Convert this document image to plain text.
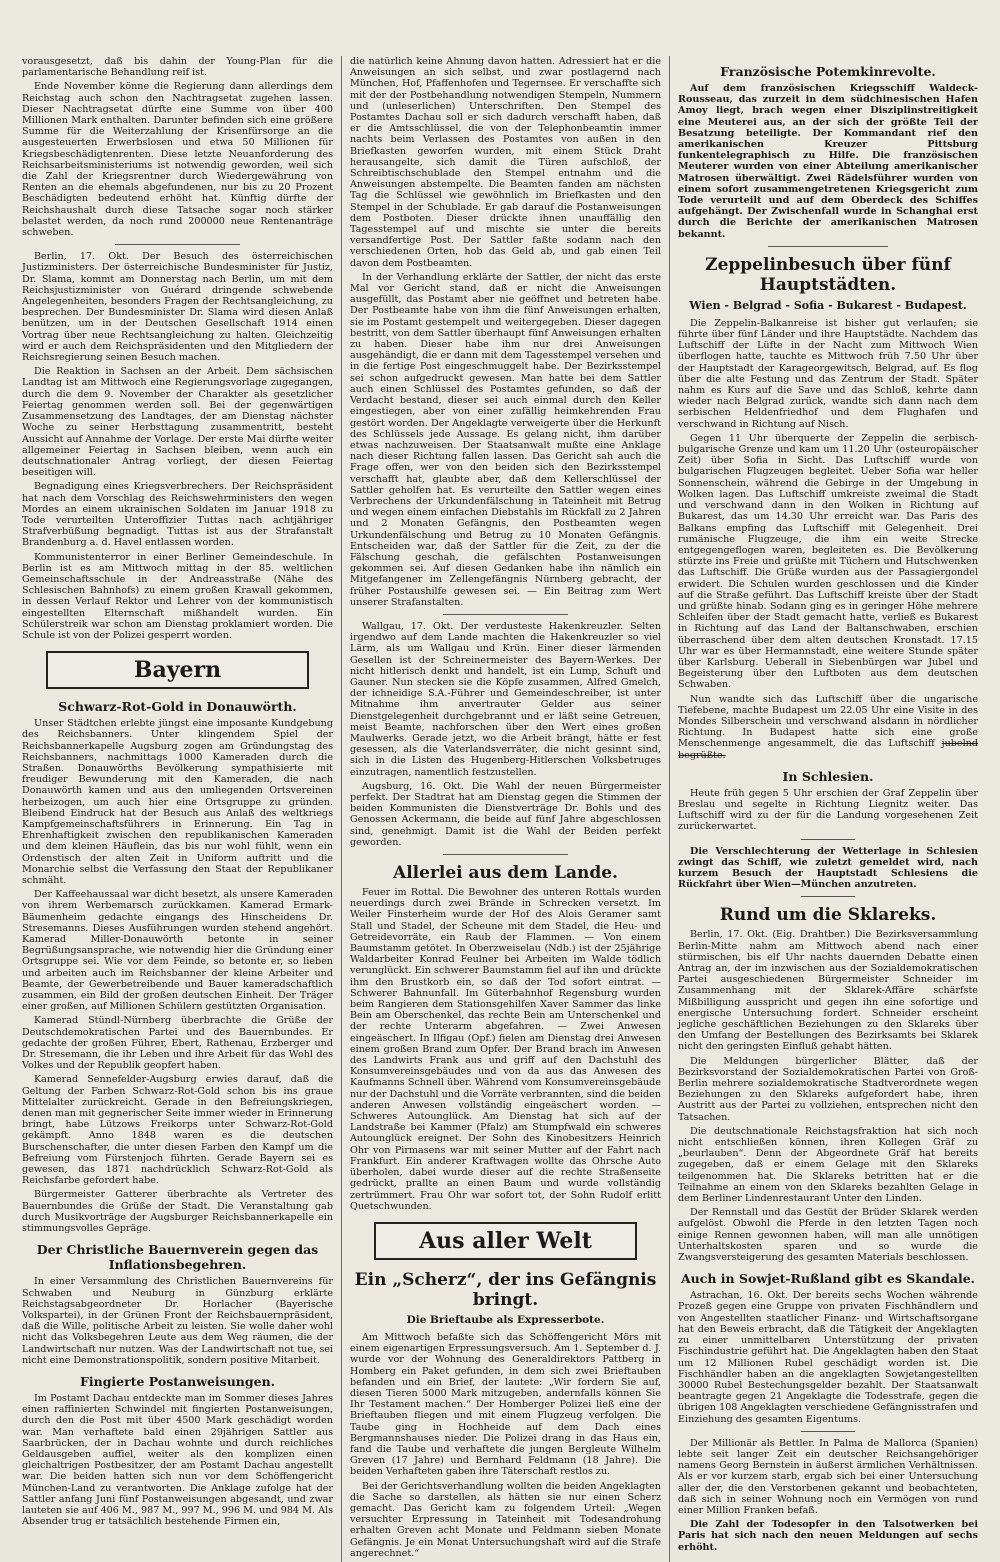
vorausgesetzt, daß bis dahin der Young-Plan für die parlamentarische Behandlung reif ist.

Ende November könne die Regierung dann allerdings dem Reichstag auch schon den Nachtragsetat zugehen lassen. Dieser Nachtragsetat dürfte eine Summe von über 400 Millionen Mark enthalten. Darunter befinden sich eine größere Summe für die Weiterzahlung der Krisenfürsorge an die ausgesteuerten Erwerbslosen und etwa 50 Millionen für Kriegsbeschädigtenrenten. Diese letzte Neuanforderung des Reichsarbeitsministeriums ist notwendig geworden, weil sich die Zahl der Kriegsrentner durch Wiedergewährung von Renten an die ehemals abgefundenen, nur bis zu 20 Prozent Beschädigten bedeutend erhöht hat. Künftig dürfte der Reichshaushalt durch diese Tatsache sogar noch stärker belastet werden, da noch rund 200000 neue Rentenanträge schweben.

Berlin, 17. Okt. Der Besuch des österreichischen Justizministers. Der österreichische Bundesminister für Justiz, Dr. Slama, kommt am Donnerstag nach Berlin, um mit dem Reichsjustizminister von Guérard dringende schwebende Angelegenheiten, besonders Fragen der Rechtsangleichung, zu besprechen. Der Bundesminister Dr. Slama wird diesen Anlaß benützen, um in der Deutschen Gesellschaft 1914 einen Vortrag über neue Rechtsangleichung zu halten. Gleichzeitig wird er auch dem Reichspräsidenten und den Mitgliedern der Reichsregierung seinen Besuch machen.

Die Reaktion in Sachsen an der Arbeit. Dem sächsischen Landtag ist am Mittwoch eine Regierungsvorlage zugegangen, durch die dem 9. November der Charakter als gesetzlicher Feiertag genommen werden soll. Bei der gegenwärtigen Zusammensetzung des Landtages, der am Dienstag nächster Woche zu seiner Herbsttagung zusammentritt, besteht Aussicht auf Annahme der Vorlage. Der erste Mai dürfte weiter allgemeiner Feiertag in Sachsen bleiben, wenn auch ein deutschnationaler Antrag vorliegt, der diesen Feiertag beseitigen will.

Begnadigung eines Kriegsverbrechers. Der Reichspräsident hat nach dem Vorschlag des Reichswehrministers den wegen Mordes an einem ukrainischen Soldaten im Januar 1918 zu Tode verurteilten Unteroffizier Tuttas nach achtjähriger Strafverbüßung begnadigt. Tuttas ist aus der Strafanstalt Brandenburg a. d. Havel entlassen worden.

Kommunistenterror in einer Berliner Gemeindeschule. In Berlin ist es am Mittwoch mittag in der 85. weltlichen Gemeinschaftsschule in der Andreasstraße (Nähe des Schlesischen Bahnhofs) zu einem großen Krawall gekommen, in dessen Verlauf Rektor und Lehrer von der kommunistisch eingestellten Elternschaft mißhandelt wurden. Ein Schülerstreik war schon am Dienstag proklamiert worden. Die Schule ist von der Polizei gesperrt worden.

Bayern
Schwarz-Rot-Gold in Donauwörth.

Unser Städtchen erlebte jüngst eine imposante Kundgebung des Reichsbanners. Unter klingendem Spiel der Reichsbannerkapelle Augsburg zogen am Gründungstag des Reichsbanners, nachmittags 1000 Kameraden durch die Straßen. Donauwörths Bevölkerung sympathisierte mit freudiger Bewunderung mit den Kameraden, die nach Donauwörth kamen und aus den umliegenden Ortsvereinen herbeizogen, um auch hier eine Ortsgruppe zu gründen. Bleibend Eindruck hat der Besuch aus Anlaß des weltkriegs Kampfgemeinschaftsführers in Erinnerung. Ein Tag in Ehrenhaftigkeit zwischen den republikanischen Kameraden und dem kleinen Häuflein, das bis nur wohl fühlt, wenn ein Ordenstisch der alten Zeit in Uniform auftritt und die Monarchie selbst die Verfassung den Staat der Republikaner schmäht.

Der Kaffeehaussaal war dicht besetzt, als unsere Kameraden von ihrem Werbemarsch zurückkamen. Kamerad Ermark-Bäumenheim gedachte eingangs des Hinscheidens Dr. Stresemanns. Dieses Ausführungen wurden stehend angehört. Kamerad Miller-Donauwörth betonte in seiner Begrüßungsansprache, wie notwendig hier die Gründung einer Ortsgruppe sei. Wie vor dem Feinde, so betonte er, so lieben und arbeiten auch im Reichsbanner der kleine Arbeiter und Beamte, der Gewerbetreibende und Bauer kameradschaftlich zusammen, ein Bild der großen deutschen Einheit. Der Träger einer großen, auf Millionen Schülern gestützten Organisation.

Kamerad Stündl-Nürnberg überbrachte die Grüße der Deutschdemokratischen Partei und des Bauernbundes. Er gedachte der großen Führer, Ebert, Rathenau, Erzberger und Dr. Stresemann, die ihr Leben und ihre Arbeit für das Wohl des Volkes und der Republik geopfert haben.

Kamerad Sennefelder-Augsburg erwies darauf, daß die Geltung der Farben Schwarz-Rot-Gold schon bis ins graue Mittelalter zurückreicht. Gerade in den Befreiungskriegen, denen man mit gegnerischer Seite immer wieder in Erinnerung bringt, habe Lützows Freikorps unter Schwarz-Rot-Gold gekämpft. Anno 1848 waren es die deutschen Burschenschafter, die unter diesen Farben den Kampf um die Befreiung vom Fürstenjoch führten. Gerade Bayern sei es gewesen, das 1871 nachdrücklich Schwarz-Rot-Gold als Reichsfarbe gefordert habe.

Bürgermeister Gatterer überbrachte als Vertreter des Bauernbundes die Grüße der Stadt. Die Veranstaltung gab durch Musikvorträge der Augsburger Reichsbannerkapelle ein stimmungsvolles Gepräge.

Der Christliche Bauernverein gegen das Inflationsbegehren.

In einer Versammlung des Christlichen Bauernvereins für Schwaben und Neuburg in Günzburg erklärte Reichstagsabgeordneter Dr. Horlacher (Bayerische Volkspartei), in der Grünen Front der Reichsbauernpräsident, daß die Wille, politische Arbeit zu leisten. Sie wolle daher wohl nicht das Volksbegehren Leute aus dem Weg räumen, die der Landwirtschaft nur nutzen. Was der Landwirtschaft not tue, sei nicht eine Demonstrationspolitik, sondern positive Mitarbeit.

Fingierte Postanweisungen.

Im Postamt Dachau entdeckte man im Sommer dieses Jahres einen raffinierten Schwindel mit fingierten Postanweisungen, durch den die Post mit über 4500 Mark geschädigt worden war. Man verhaftete bald einen 29jährigen Sattler aus Saarbrücken, der in Dachau wohnte und durch reichliches Geldausgeben auffiel, weiter als den komplizen einen gleichaltrigen Postbesitzer, der am Postamt Dachau angestellt war. Die beiden hatten sich nun vor dem Schöffengericht München-Land zu verantworten. Die Anklage zufolge hat der Sattler anfang Juni fünf Postanweisungen abgesandt, und zwar lauteten sie auf 406 M., 987 M., 997 M., 996 M. und 984 M. Als Absender trug er tatsächlich bestehende Firmen ein,

die natürlich keine Ahnung davon hatten. Adressiert hat er die Anweisungen an sich selbst, und zwar postlagernd nach München, Hof, Pfaffenhofen und Tegernsee. Er verschaffte sich mit der der Postbehandlung notwendigen Stempeln, Nummern und (unleserlichen) Unterschriften. Den Stempel des Postamtes Dachau soll er sich dadurch verschafft haben, daß er die Amtsschlüssel, die von der Telephonbeamtin immer nachts beim Verlassen des Postamtes von außen in den Briefkasten geworfen wurden, mit einem Stück Draht herausangelte, sich damit die Türen aufschloß, der Schreibtischschublade den Stempel entnahm und die Anweisungen abstempelte. Die Beamten fanden am nächsten Tag die Schlüssel wie gewöhnlich im Briefkasten und den Stempel in der Schublade. Er gab darauf die Postanweisungen dem Postboten. Dieser drückte ihnen unauffällig den Tagesstempel auf und mischte sie unter die bereits versandfertige Post. Der Sattler faßte sodann nach den verschiedenen Orten, hob das Geld ab, und gab einen Teil davon dem Postbeamten.

In der Verhandlung erklärte der Sattler, der nicht das erste Mal vor Gericht stand, daß er nicht die Anweisungen ausgefüllt, das Postamt aber nie geöffnet und betreten habe. Der Postbeamte habe von ihm die fünf Anweisungen erhalten, sie im Postamt gestempelt und weitergegeben. Dieser dagegen bestritt, von dem Sattler überhaupt fünf Anweisungen erhalten zu haben. Dieser habe ihm nur drei Anweisungen ausgehändigt, die er dann mit dem Tagesstempel versehen und in die fertige Post eingeschmuggelt habe. Der Bezirksstempel sei schon aufgedruckt gewesen. Man hatte bei dem Sattler auch einen Schlüssel des Postamtes gefunden, so daß der Verdacht bestand, dieser sei auch einmal durch den Keller eingestiegen, aber von einer zufällig heimkehrenden Frau gestört worden. Der Angeklagte verweigerte über die Herkunft des Schlüssels jede Aussage. Es gelang nicht, ihm darüber etwas nachzuweisen. Der Staatsanwalt mußte eine Anklage nach dieser Richtung fallen lassen. Das Gericht sah auch die Frage offen, wer von den beiden sich den Bezirksstempel verschafft hat, glaubte aber, daß dem Kellerschlüssel der Sattler geholfen hat. Es verurteilte den Sattler wegen eines Verbrechens der Urkundenfälschung in Tateinheit mit Betrug und wegen einem einfachen Diebstahls im Rückfall zu 2 Jahren und 2 Monaten Gefängnis, den Postbeamten wegen Urkundenfälschung und Betrug zu 10 Monaten Gefängnis. Entscheiden war, daß der Sattler für die Zeit, zu der die Fälschung geschah, die gefälschten Postanweisungen gekommen sei. Auf diesen Gedanken habe ihn nämlich ein Mitgefangener im Zellengefängnis Nürnberg gebracht, der früher Postaushilfe gewesen sei. — Ein Beitrag zum Wert unserer Strafanstalten.

Wallgau, 17. Okt. Der verdusteste Hakenkreuzler. Selten irgendwo auf dem Lande machten die Hakenkreuzler so viel Lärm, als um Wallgau und Krün. Einer dieser lärmenden Gesellen ist der Schreinermeister des Bayern-Werkes. Der nicht hitlerisch denkt und handelt, ist ein Lump, Schuft und Gauner. Nun stecken sie die Köpfe zusammen, Alfred Gmelch, der ichneidige S.A.-Führer und Gemeindeschreiber, ist unter Mitnahme ihm anvertrauter Gelder aus seiner Dienstgelegenheit durchgebrannt und er läßt seine Getreuen, meist Beamte, nachforschen über den Wert eines großen Maulwerks. Gerade jetzt, wo die Arbeit brängt, hätte er fest gesessen, als die Vaterlandsverräter, die nicht gesinnt sind, sich in die Listen des Hugenberg-Hitlerschen Volksbetruges einzutragen, namentlich festzustellen.

Augsburg, 16. Okt. Die Wahl der neuen Bürgermeister perfekt. Der Stadtrat hat am Dienstag gegen die Stimmen der beiden Kommunisten die Dienstverträge Dr. Bohls und des Genossen Ackermann, die beide auf fünf Jahre abgeschlossen sind, genehmigt. Damit ist die Wahl der Beiden perfekt geworden.

Allerlei aus dem Lande.

Feuer im Rottal. Die Bewohner des unteren Rottals wurden neuerdings durch zwei Brände in Schrecken versetzt. Im Weiler Finsterheim wurde der Hof des Alois Geramer samt Stall und Stadel, der Scheune mit dem Stadel, die Heu- und Getreidevorräte, ein Raub der Flammen. — Von einem Baumstamm getötet. In Oberzweiselau (Ndb.) ist der 25jährige Waldarbeiter Konrad Feulner bei Arbeiten im Walde tödlich verunglückt. Ein schwerer Baumstamm fiel auf ihn und drückte ihm den Brustkorb ein, so daß der Tod sofort eintrat. — Schwerer Bahnunfall. Im Güterbahnhof Regensburg wurden beim Rangieren dem Stationsgehilfen Xaver Sammer das linke Bein am Oberschenkel, das rechte Bein am Unterschenkel und der rechte Unterarm abgefahren. — Zwei Anwesen eingeäschert. In Ilfigau (Opf.) fielen am Dienstag drei Anwesen einem großen Brand zum Opfer. Der Brand brach im Anwesen des Landwirts Frank aus und griff auf den Dachstuhl des Konsumvereinsgebäudes und von da aus das Anwesen des Kaufmanns Schnell über. Während vom Konsumvereinsgebäude nur der Dachstuhl und die Vorräte verbrannten, sind die beiden anderen Anwesen vollständig eingeäschert worden. — Schweres Autounglück. Am Dienstag hat sich auf der Landstraße bei Kammer (Pfalz) am Stumpfwald ein schweres Autounglück ereignet. Der Sohn des Kinobesitzers Heinrich Ohr von Pirmasens war mit seiner Mutter auf der Fahrt nach Frankfurt. Ein anderer Kraftwagen wollte das Ohrsche Auto überholen, dabei wurde dieser auf die rechte Straßenseite gedrückt, prallte an einen Baum und wurde vollständig zertrümmert. Frau Ohr war sofort tot, der Sohn Rudolf erlitt Quetschwunden.

Aus aller Welt
Ein „Scherz“, der ins Gefängnis bringt.
Die Brieftaube als Expresserbote.

Am Mittwoch befaßte sich das Schöffengericht Mörs mit einem eigenartigen Erpressungsversuch. Am 1. September d. J. wurde vor der Wohnung des Generaldirektors Pattberg in Homberg ein Paket gefunden, in dem sich zwei Brieftauben befanden und ein Brief, der lautete: „Wir fordern Sie auf, diesen Tieren 5000 Mark mitzugeben, andernfalls können Sie Ihr Testament machen.“ Der Homberger Polizei ließ eine der Brieftauben fliegen und mit einem Flugzeug verfolgen. Die Taube ging in Hochheide auf dem Dach eines Bergmannshauses nieder. Die Polizei drang in das Haus ein, fand die Taube und verhaftete die jungen Bergleute Wilhelm Greven (17 Jahre) und Bernhard Feldmann (18 Jahre). Die beiden Verhafteten gaben ihre Täterschaft restlos zu.

Bei der Gerichtsverhandlung wollten die beiden Angeklagten die Sache so darstellen, als hätten sie nur einen Scherz gemacht. Das Gericht kam zu folgendem Urteil: „Wegen versuchter Erpressung in Tateinheit mit Todesandrohung erhalten Greven acht Monate und Feldmann sieben Monate Gefängnis. Je ein Monat Untersuchungshaft wird auf die Strafe angerechnet.“

Französische Potemkinrevolte.

Auf dem französischen Kriegsschiff Waldeck-Rousseau, das zurzeit in dem südchinesischen Hafen Amoy liegt, brach wegen einer Disziplinstreitigkeit eine Meuterei aus, an der sich der größte Teil der Besatzung beteiligte. Der Kommandant rief den amerikanischen Kreuzer Pittsburg funkentelegraphisch zu Hilfe. Die französischen Meuterer wurden von einer Abteilung amerikanischer Matrosen überwältigt. Zwei Rädelsführer wurden von einem sofort zusammengetretenen Kriegsgericht zum Tode verurteilt und auf dem Oberdeck des Schiffes aufgehängt. Der Zwischenfall wurde in Schanghai erst durch die Berichte der amerikanischen Matrosen bekannt.

Zeppelinbesuch über fünf Hauptstädten.
Wien - Belgrad - Sofia - Bukarest - Budapest.

Die Zeppelin-Balkanreise ist bisher gut verlaufen; sie führte über fünf Länder und ihre Hauptstädte. Nachdem das Luftschiff der Lüfte in der Nacht zum Mittwoch Wien überflogen hatte, tauchte es Mittwoch früh 7.50 Uhr über der Hauptstadt der Karageorgewitsch, Belgrad, auf. Es flog über die alte Festung und das Zentrum der Stadt. Später nahm es Kurs auf die Save und das Schloß, kehrte dann wieder nach Belgrad zurück, wandte sich dann nach dem serbischen Heldenfriedhof und dem Flughafen und verschwand in Richtung auf Nisch.

Gegen 11 Uhr überquerte der Zeppelin die serbisch-bulgarische Grenze und kam um 11.20 Uhr (osteuropäischer Zeit) über Sofia in Sicht. Das Luftschiff wurde von bulgarischen Flugzeugen begleitet. Ueber Sofia war heller Sonnenschein, während die Gebirge in der Umgebung in Wolken lagen. Das Luftschiff umkreiste zweimal die Stadt und verschwand dann in den Wolken in Richtung auf Bukarest, das um 14.30 Uhr erreicht war. Das Paris des Balkans empfing das Luftschiff mit Gelegenheit. Drei rumänische Flugzeuge, die ihm ein weite Strecke entgegengeflogen waren, begleiteten es. Die Bevölkerung stürzte ins Freie und grüßte mit Tüchern und Hutschwenken das Luftschiff. Die Grüße wurden aus der Passagiergondel erwidert. Die Schulen wurden geschlossen und die Kinder auf die Straße geführt. Das Luftschiff kreiste über der Stadt und grüßte hinab. Sodann ging es in geringer Höhe mehrere Schleifen über der Stadt gemacht hatte, verließ es Bukarest in Richtung auf das Land der Baltanschwaben, erschien überraschend über dem alten deutschen Kronstadt. 17.15 Uhr war es über Hermannstadt, eine weitere Stunde später über Karlsburg. Ueberall in Siebenbürgen war Jubel und Begeisterung über den Luftboten aus dem deutschen Schwaben.

Nun wandte sich das Luftschiff über die ungarische Tiefebene, machte Budapest um 22.05 Uhr eine Visite in des Mondes Silberschein und verschwand alsdann in nördlicher Richtung. In Budapest hatte sich eine große Menschenmenge angesammelt, die das Luftschiff jubelnd begrüßte.

In Schlesien.

Heute früh gegen 5 Uhr erschien der Graf Zeppelin über Breslau und segelte in Richtung Liegnitz weiter. Das Luftschiff wird zu der für die Landung vorgesehenen Zeit zurückerwartet.

Die Verschlechterung der Wetterlage in Schlesien zwingt das Schiff, wie zuletzt gemeldet wird, nach kurzem Besuch der Hauptstadt Schlesiens die Rückfahrt über Wien—München anzutreten.

Rund um die Sklareks.

Berlin, 17. Okt. (Eig. Drahtber.) Die Bezirksversammlung Berlin-Mitte nahm am Mittwoch abend nach einer stürmischen, bis elf Uhr nachts dauernden Debatte einen Antrag an, der im inzwischen aus der Sozialdemokratischen Partei ausgeschiedenen Bürgermeister Schneider im Zusammenhang mit der Sklarek-Affäre schärfste Mißbilligung ausspricht und gegen ihn eine sofortige und energische Untersuchung fordert. Schneider erscheint jegliche geschäftlichen Beziehungen zu den Sklareks über den Umfang der Bestellungen des Bezirksamts bei Sklarek nicht den geringsten Einfluß gehabt hätten.

Die Meldungen bürgerlicher Blätter, daß der Bezirksvorstand der Sozialdemokratischen Partei von Groß-Berlin mehrere sozialdemokratische Stadtverordnete wegen Beziehungen zu den Sklareks aufgefordert habe, ihren Austritt aus der Partei zu vollziehen, entsprechen nicht den Tatsachen.

Die deutschnationale Reichstagsfraktion hat sich noch nicht entschließen können, ihren Kollegen Gräf zu „beurlauben“. Denn der Abgeordnete Gräf hat bereits zugegeben, daß er einem Gelage mit den Sklareks teilgenommen hat. Die Sklareks betritten hat er die Teilnahme an einem von den Sklareks bezahlten Gelage in dem Berliner Lindenrestaurant Unter den Linden.

Der Rennstall und das Gestüt der Brüder Sklarek werden aufgelöst. Obwohl die Pferde in den letzten Tagen noch einige Rennen gewonnen haben, will man alle unnötigen Unterhaltskosten sparen und so wurde die Zwangsversteigerung des gesamten Materials beschlossen.

Auch in Sowjet-Rußland gibt es Skandale.

Astrachan, 16. Okt. Der bereits sechs Wochen währende Prozeß gegen eine Gruppe von privaten Fischhändlern und von Angestellten staatlicher Finanz- und Wirtschaftsorgane hat den Beweis erbracht, daß die Tätigkeit der Angeklagten zu einer unmittelbaren Unterstützung der privaten Fischindustrie geführt hat. Die Angeklagten haben den Staat um 12 Millionen Rubel geschädigt worden ist. Die Fischhändler haben an die angeklagten Sowjetangestellten 30000 Rubel Bestechungsgelder bezahlt. Der Staatsanwalt beantragte gegen 21 Angeklagte die Todesstrafe, gegen die übrigen 108 Angeklagten verschiedene Gefängnisstrafen und Einziehung des gesamten Eigentums.

Der Millionär als Bettler. In Palma de Mallorca (Spanien) lebte seit langer Zeit ein deutscher Reichsangehöriger namens Georg Bernstein in äußerst ärmlichen Verhältnissen. Als er vor kurzem starb, ergab sich bei einer Untersuchung aller der, die den Verstorbenen gekannt und beobachteten, daß sich in seiner Wohnung noch ein Vermögen von rund einer Million Franken befaß.

Die Zahl der Todesopfer in den Talsotwerken bei Paris hat sich nach den neuen Meldungen auf sechs erhöht.
